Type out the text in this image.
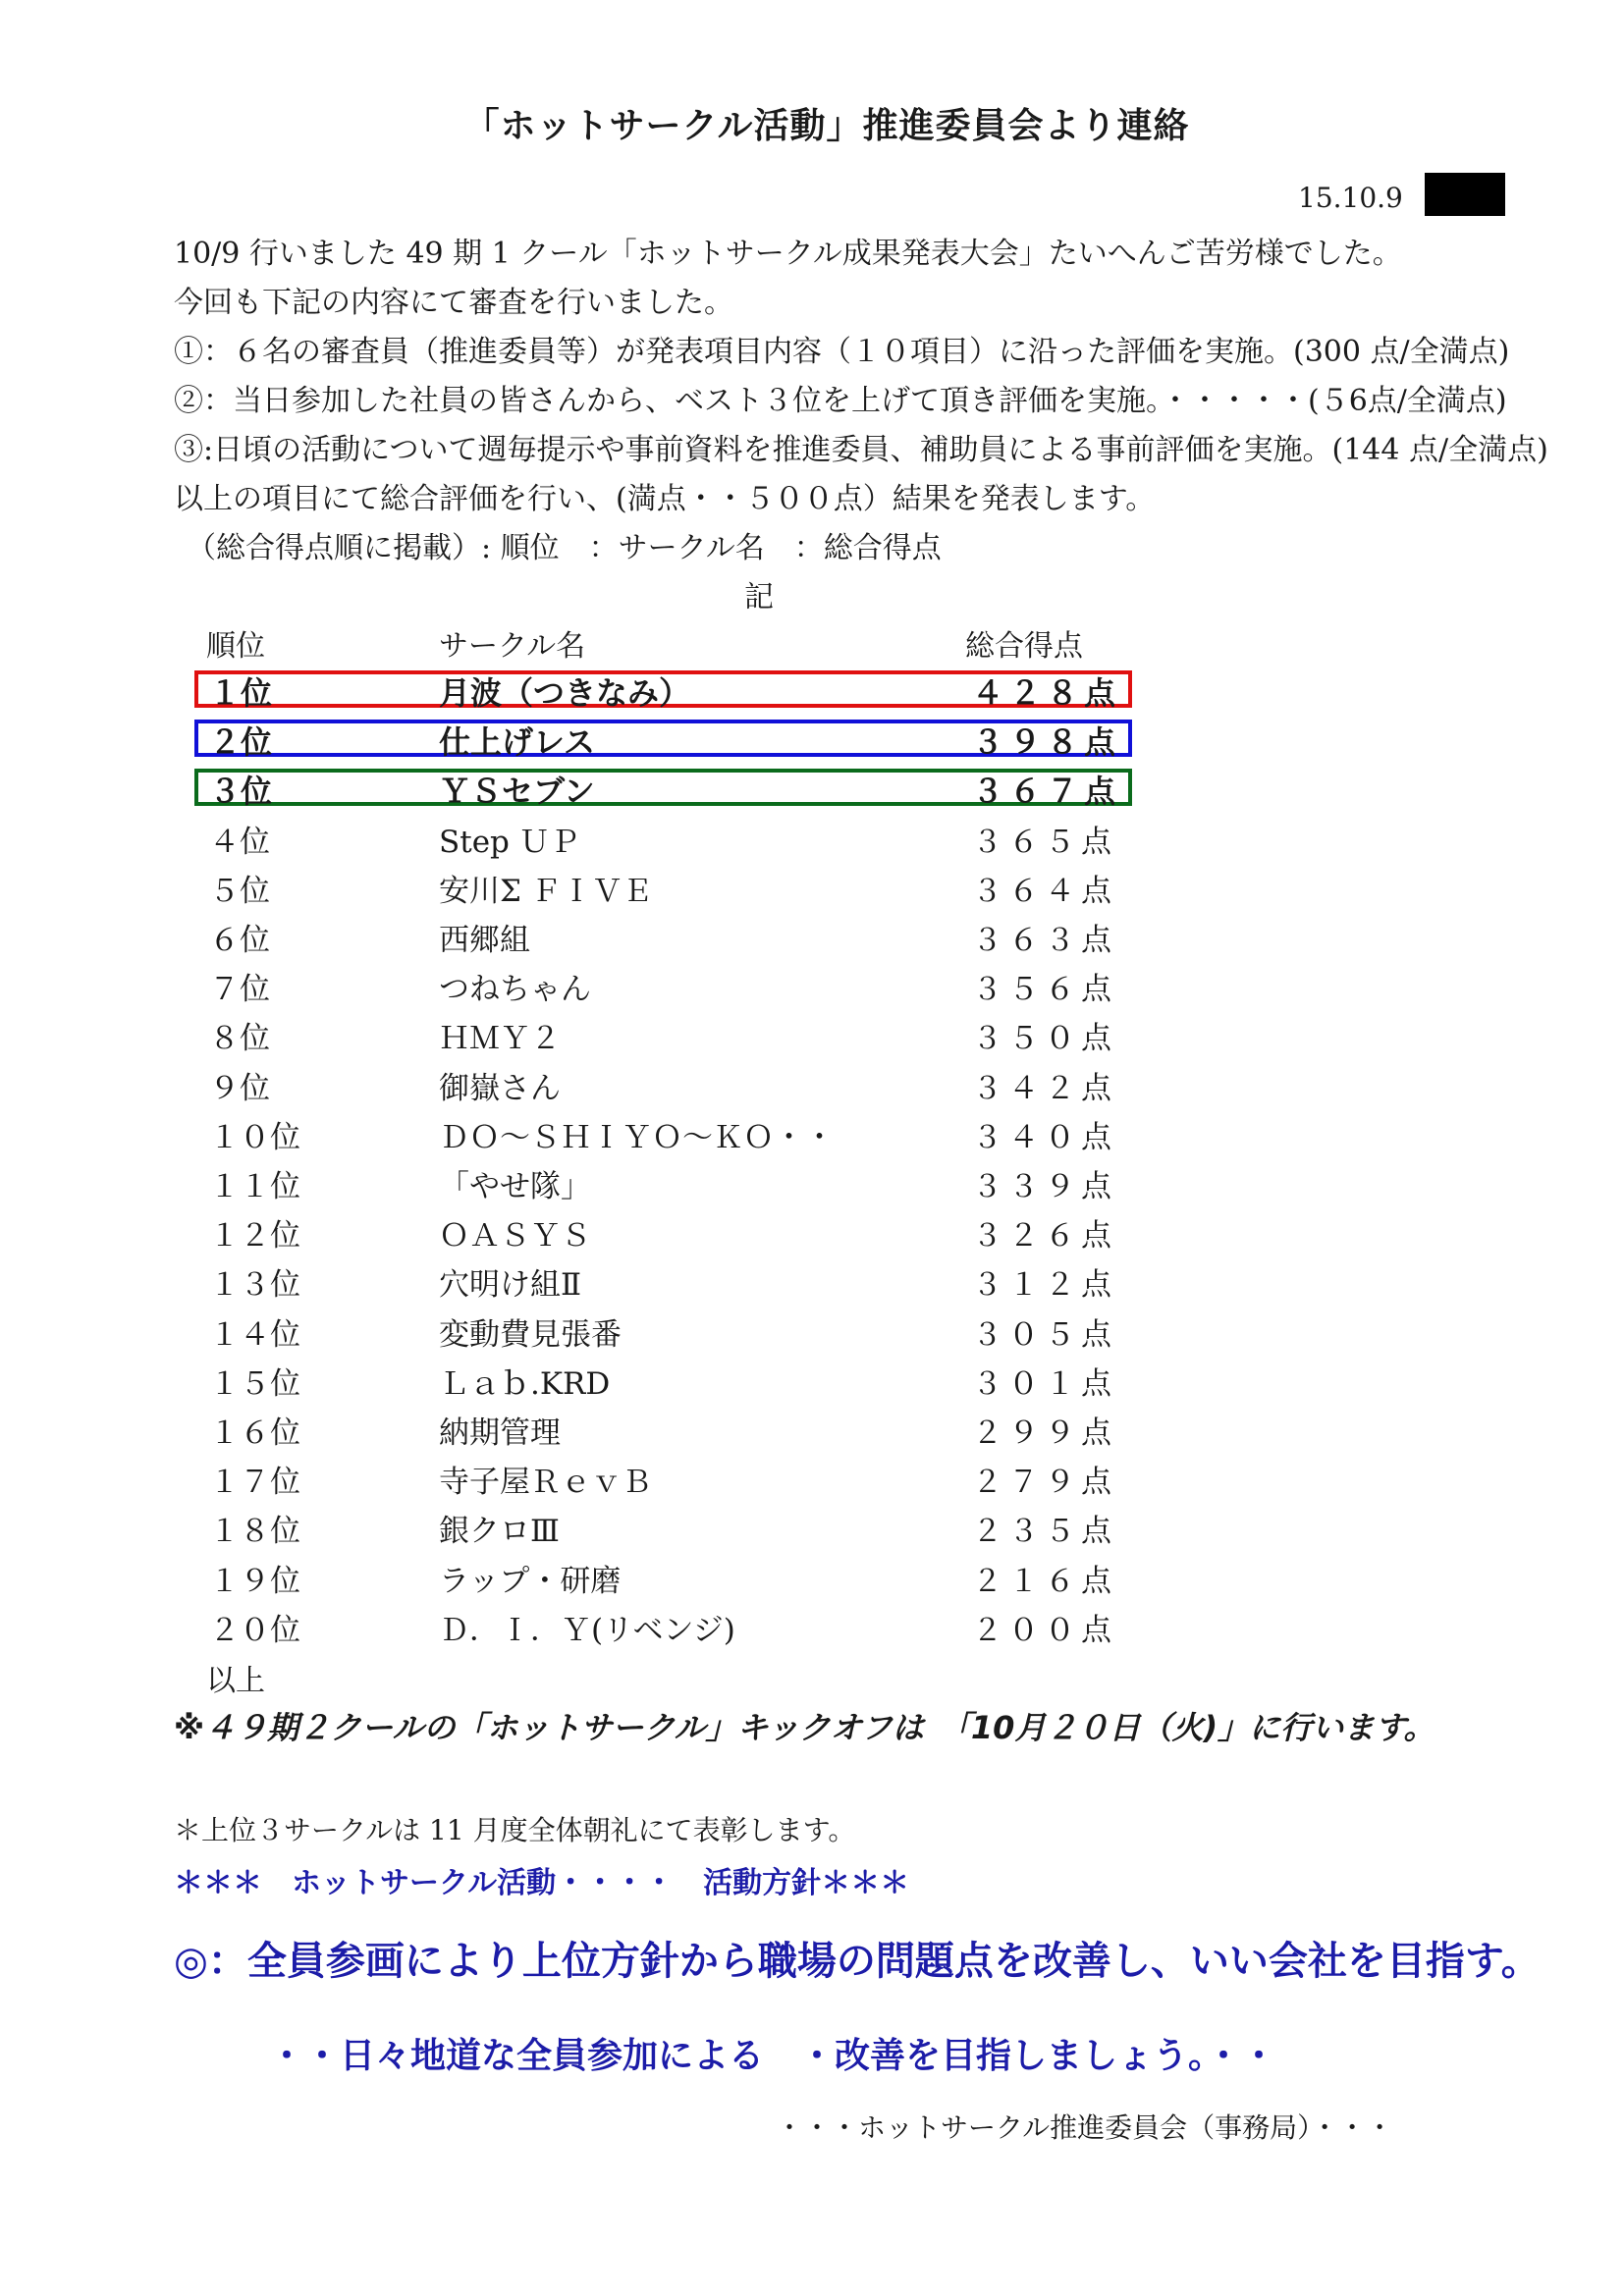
「ホットサークル活動」推進委員会より連絡
15.10.9
10/9 行いました 49 期 1 クール「ホットサークル成果発表大会」たいへんご苦労様でした。
今回も下記の内容にて審査を行いました。
①：６名の審査員（推進委員等）が発表項目内容（１０項目）に沿った評価を実施。(300 点/全満点)
②：当日参加した社員の皆さんから、ベスト３位を上げて頂き評価を実施。・・・・・(５6点/全満点)
③:日頃の活動について週毎提示や事前資料を推進委員、補助員による事前評価を実施。(144 点/全満点)
以上の項目にて総合評価を行い、(満点・・５００点）結果を発表します。
（総合得点順に掲載）: 順位　：サークル名　：総合得点
記
順位	サークル名	総合得点
１位	月波（つきなみ）	４２８点
２位	仕上げレス	３９８点
３位	ＹＳセブン	３６７点
４位	Step ＵＰ	３６５点
５位	安川Σ ＦＩＶＥ	３６４点
６位	西郷組	３６３点
７位	つねちゃん	３５６点
８位	ＨＭＹ２	３５０点
９位	御嶽さん	３４２点
１０位	ＤＯ～ＳＨＩＹＯ～ＫＯ・・	３４０点
１１位	「やせ隊」	３３９点
１２位	ＯＡＳＹＳ	３２６点
１３位	穴明け組Ⅱ	３１２点
１４位	変動費見張番	３０５点
１５位	Ｌａｂ.KRD	３０１点
１６位	納期管理	２９９点
１７位	寺子屋ＲｅｖＢ	２７９点
１８位	銀クロⅢ	２３５点
１９位	ラップ・研磨	２１６点
２０位	Ｄ．Ｉ．Ｙ(リベンジ)	２００点
以上
※４９期２クールの「ホットサークル」キックオフは　「10月２０日（火)」に行います。
＊上位３サークルは 11 月度全体朝礼にて表彰します。
＊＊＊　ホットサークル活動・・・・　活動方針＊＊＊
◎：全員参画により上位方針から職場の問題点を改善し、いい会社を目指す。
・・日々地道な全員参加による　・改善を目指しましょう。・・
・・・ホットサークル推進委員会（事務局）・・・
